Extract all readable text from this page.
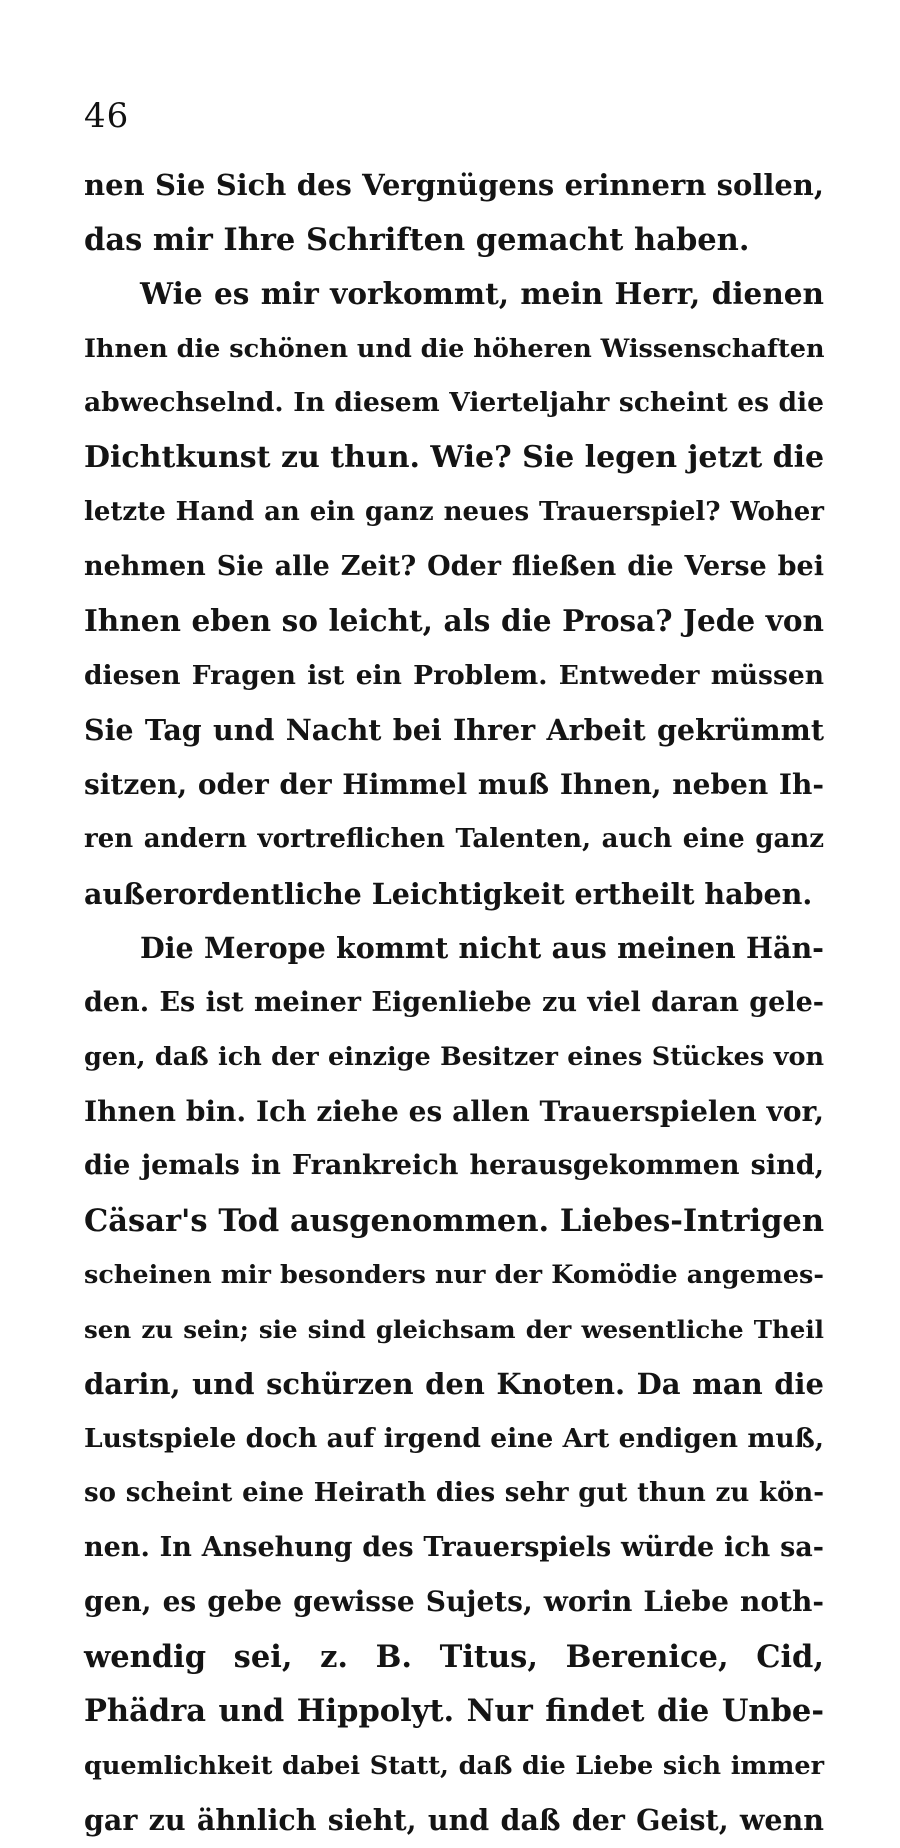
46
nen Sie Sich des Vergnügens erinnern sollen,
das mir Ihre Schriften gemacht haben.
Wie es mir vorkommt, mein Herr, dienen
Ihnen die schönen und die höheren Wissenschaften
abwechselnd. In diesem Vierteljahr scheint es die
Dichtkunst zu thun. Wie? Sie legen jetzt die
letzte Hand an ein ganz neues Trauerspiel? Woher
nehmen Sie alle Zeit? Oder fließen die Verse bei
Ihnen eben so leicht, als die Prosa? Jede von
diesen Fragen ist ein Problem. Entweder müssen
Sie Tag und Nacht bei Ihrer Arbeit gekrümmt
sitzen, oder der Himmel muß Ihnen, neben Ih-
ren andern vortreflichen Talenten, auch eine ganz
außerordentliche Leichtigkeit ertheilt haben.
Die Merope kommt nicht aus meinen Hän-
den. Es ist meiner Eigenliebe zu viel daran gele-
gen, daß ich der einzige Besitzer eines Stückes von
Ihnen bin. Ich ziehe es allen Trauerspielen vor,
die jemals in Frankreich herausgekommen sind,
Cäsar's Tod ausgenommen. Liebes-Intrigen
scheinen mir besonders nur der Komödie angemes-
sen zu sein; sie sind gleichsam der wesentliche Theil
darin, und schürzen den Knoten. Da man die
Lustspiele doch auf irgend eine Art endigen muß,
so scheint eine Heirath dies sehr gut thun zu kön-
nen. In Ansehung des Trauerspiels würde ich sa-
gen, es gebe gewisse Sujets, worin Liebe noth-
wendig sei, z. B. Titus, Berenice, Cid,
Phädra und Hippolyt. Nur findet die Unbe-
quemlichkeit dabei Statt, daß die Liebe sich immer
gar zu ähnlich sieht, und daß der Geist, wenn
